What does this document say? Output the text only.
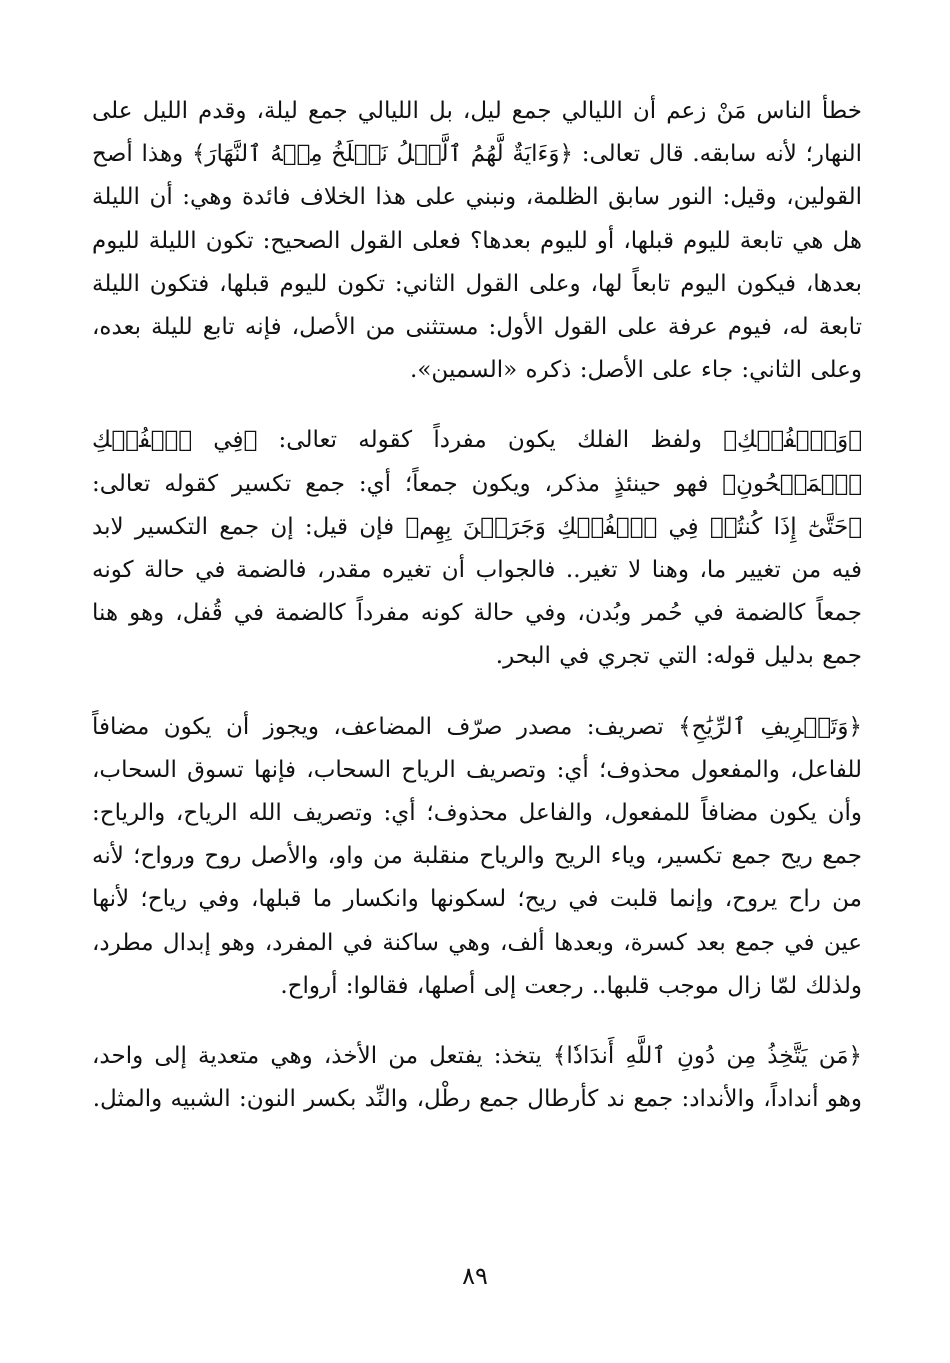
خطأ الناس مَنْ زعم أن الليالي جمع ليل، بل الليالي جمع ليلة، وقدم الليل على النهار؛ لأنه سابقه. قال تعالى: ﴿وَءَايَةٌ لَّهُمُ ٱلَّيۡلُ نَسۡلَخُ مِنۡهُ ٱلنَّهَارَ﴾ وهذا أصح القولين، وقيل: النور سابق الظلمة، ونبني على هذا الخلاف فائدة وهي: أن الليلة هل هي تابعة لليوم قبلها، أو لليوم بعدها؟ فعلى القول الصحيح: تكون الليلة لليوم بعدها، فيكون اليوم تابعاً لها، وعلى القول الثاني: تكون لليوم قبلها، فتكون الليلة تابعة له، فيوم عرفة على القول الأول: مستثنى من الأصل، فإنه تابع لليلة بعده، وعلى الثاني: جاء على الأصل: ذكره «السمين».

﴿وَٱلۡفُلۡكِ﴾ ولفظ الفلك يكون مفرداً كقوله تعالى: ﴿فِي ٱلۡفُلۡكِ ٱلۡمَشۡحُونِ﴾ فهو حينئذٍ مذكر، ويكون جمعاً؛ أي: جمع تكسير كقوله تعالى: ﴿حَتَّىٰٓ إِذَا كُنتُمۡ فِي ٱلۡفُلۡكِ وَجَرَيۡنَ بِهِم﴾ فإن قيل: إن جمع التكسير لابد فيه من تغيير ما، وهنا لا تغير.. فالجواب أن تغيره مقدر، فالضمة في حالة كونه جمعاً كالضمة في حُمر وبُدن، وفي حالة كونه مفرداً كالضمة في قُفل، وهو هنا جمع بدليل قوله: التي تجري في البحر.

﴿وَتَصۡرِيفِ ٱلرِّيَٰحِ﴾ تصريف: مصدر صرّف المضاعف، ويجوز أن يكون مضافاً للفاعل، والمفعول محذوف؛ أي: وتصريف الرياح السحاب، فإنها تسوق السحاب، وأن يكون مضافاً للمفعول، والفاعل محذوف؛ أي: وتصريف الله الرياح، والرياح: جمع ريح جمع تكسير، وياء الريح والرياح منقلبة من واو، والأصل روح ورواح؛ لأنه من راح يروح، وإنما قلبت في ريح؛ لسكونها وانكسار ما قبلها، وفي رياح؛ لأنها عين في جمع بعد كسرة، وبعدها ألف، وهي ساكنة في المفرد، وهو إبدال مطرد، ولذلك لمّا زال موجب قلبها.. رجعت إلى أصلها، فقالوا: أرواح.

﴿مَن يَتَّخِذُ مِن دُونِ ٱللَّهِ أَندَادٗا﴾ يتخذ: يفتعل من الأخذ، وهي متعدية إلى واحد، وهو أنداداً، والأنداد: جمع ند كأرطال جمع رطْل، والنِّد بكسر النون: الشبيه والمثل.

٨٩
